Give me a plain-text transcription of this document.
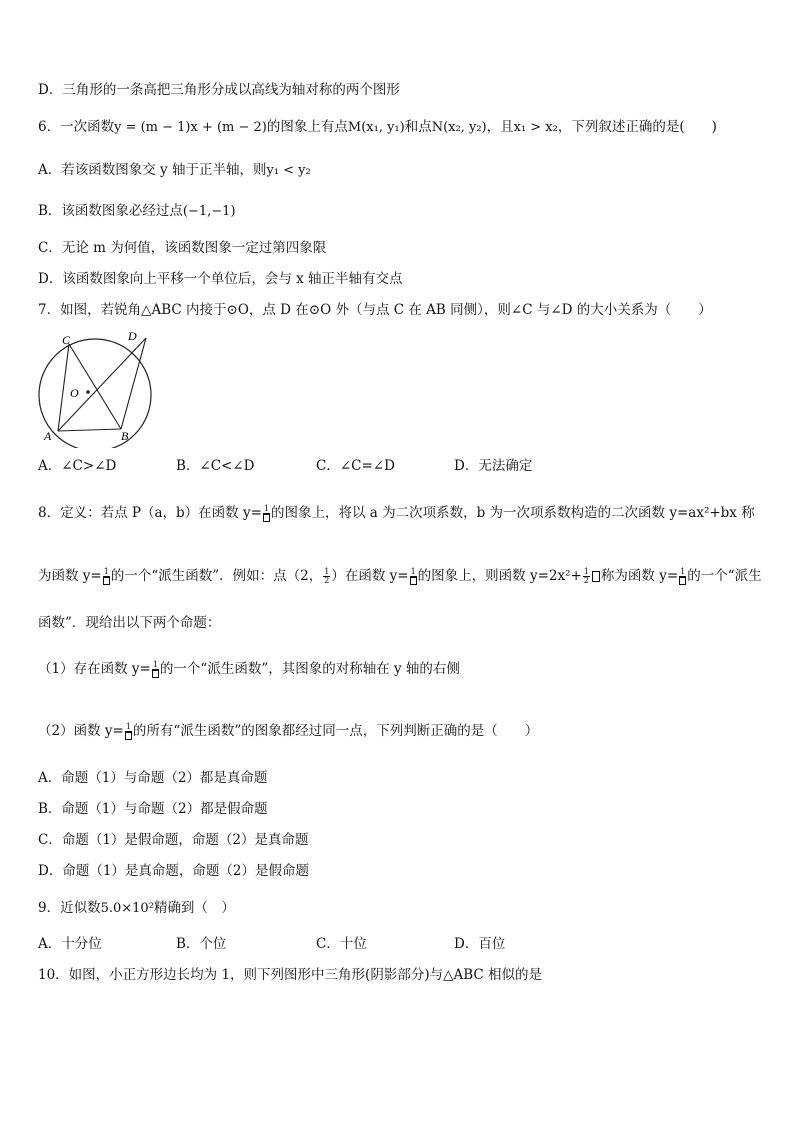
D．三角形的一条高把三角形分成以高线为轴对称的两个图形
6．一次函数y = (m − 1)x + (m − 2)的图象上有点M(x₁, y₁)和点N(x₂, y₂)，且x₁ > x₂，下列叙述正确的是(　　)
A．若该函数图象交 y 轴于正半轴，则y₁ < y₂
B．该函数图象必经过点(−1,−1)
C．无论 m 为何值，该函数图象一定过第四象限
D．该函数图象向上平移一个单位后，会与 x 轴正半轴有交点
7．如图，若锐角△ABC 内接于⊙O，点 D 在⊙O 外（与点 C 在 AB 同侧），则∠C 与∠D 的大小关系为（　　）
C	D
O
A	B
A．∠C>∠D	B．∠C<∠D	C．∠C=∠D	D．无法确定
8．定义：若点 P（a，b）在函数 y= 1 的图象上，将以 a 为二次项系数，b 为一次项系数构造的二次函数 y=ax²+bx 称
为函数 y= 1 的一个“派生函数”．例如：点（2， $\frac{1}{2}$ ）在函数 y= 1 的图象上，则函数 $y=2x^2+ \frac{1}{2}$ 称为函数 y= 1 的一个“派生
函数”．现给出以下两个命题：
（1）存在函数 y= 1 的一个“派生函数”，其图象的对称轴在 y 轴的右侧
（2）函数 y= 1 的所有“派生函数”的图象都经过同一点，下列判断正确的是（　　）
A．命题（1）与命题（2）都是真命题
B．命题（1）与命题（2）都是假命题
C．命题（1）是假命题，命题（2）是真命题
D．命题（1）是真命题，命题（2）是假命题
9．近似数5.0×10²精确到（　）
A．十分位	B．个位	C．十位	D．百位
10．如图，小正方形边长均为 1，则下列图形中三角形(阴影部分)与△ABC 相似的是
